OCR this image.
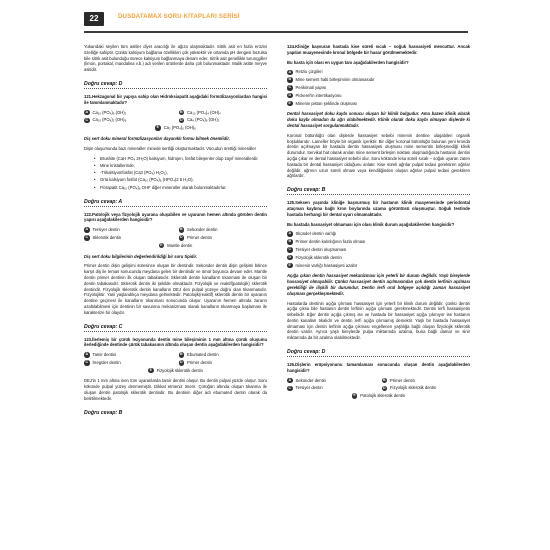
22	DUSDATAMAX SORU KİTAPLARI SERİSİ

Yukarıdaki seyilen tüm asitler diyet aracılığı ile ağıza ulaşmaktadır. Sitrik asit en fazla erozivi özelliğe sahiptir. Çünkü kalsiyum bağlama özellikleri çok yüksektir ve ortamda pH dengesi bozulsa bile sitrik asit bulunduğu sürece kalsiyum bağlanmaya devam eder. Sitrik asit genellikle turunçgiller (limon, portakal, mandalina v.b.) adı verilen ürünlerde daha çok bulunmaktadır. Malik asitte meyve asitidir.

Doğru cevap: D

121.Hekzagonal bir yapıya sahip olan Hidroksiapatit aşağıdaki formülizasyonlardan hangisi ile tanımlanmaktadır?

A	Ca₁₀ (PO₄)₆ (OH)₂	B	Ca₁₀ (PO₄)₄ (OH)₄
C	Ca₁₀ (PO₄)₂ (OH)₆	D	Ca₆ (PO₄)₈ (OH)₂
E	Ca₂ (PO₄)₆ (OH)₆

Diş sert doku mineral formülizasyonları dayanıklı formu bilmek önemlidir.

Dişin oluşumunda bazı mineraller minede sertliği oluşturmaktadır. Vücudun ürettiği mineraller

• Brushite (CaH PO₄ 2H₂O) kalsiyum, hidrojen, fosfat bileşenler olup zayıf minerallerdir.
• Mine kristallerinde;
• -Trikalsiyumfosfat (Ca3 (PO₄) H₂O₂),
• Orta kalsiyum fosfat (Ca₁₀ (PO₄)₆ (HPO₄)2 5 H₂O),
• Florapatit Ca₁₀ (PO₄)₆ OHF diğer mineraller olarak bulunmaktadırlar.
Doğru cevap: A

122.Patolojik veya fizyolojik uyarana oluşabilen ve uyaranın hemen altında görülen dentin yapısı aşağıdakilerden hangisidir?

A	Tersiyer dentin	B	Sekonder dentin
C	Sklerotik dentin	D	Primer dentin
E	Mantle dentin

Diş sert doku bilgilerinin değerlendirildiği bir soru tipidir.

Primer dentin dişin gelişimi süresince oluşan bir dentindir. Sekonder dentin dişin gelişimi bitince karşıt diş ile temas sonucunda meydana gelen bir dentindir ve ömür boyunca devam eder. Mantle dentin primer dentinin ilk oluşan tabakasıdır. Sklerotik dentin kanalların tıkanması ile oluşan bir dentin tabakasıdır. Sklerotik dentin iki şekilde olmaktadır. Fizyolojik ve reaktif(patolojik) sklerotik dentindir. Fizyolojik sklerotik dentin kanalların DEJ den pulpal yüzeye doğru olan tıkanmasıdır. Fizyolojiktir. Yani yaşlandıkça meydana gelmektedir. Patolojik(reaktif) sklerotik dentin bir uyaranın dentine geçmesi ile kanalların tıkanması sonucunda oluşur. Uyaranın hemen altında zararın azaltılabilmesi için dentinin bir savunma mekanizması olarak kanalların tıkanmaya başlaması ile karakterize bir olaydır.

Doğru cevap: C

123.İlerlemiş bir çürük lezyonunda dentin mine bileşiminin 1 mm altına çürük oluşumu ilerlediğinde dentinde çürük tabakasının altında oluşan dentin aşağıdakilerden hangisidir?

A	Tamir dentini	B	Ebumated dentin
C	İrregüler dentin	D	Primer dentin
E	Fizyolojik sklerotik dentin

DEJ'in 1 mm altına inen tüm uyaranlarda tamir dentini oluşur. Bu dentin pulpal yüzde oluşur. Soru kökünde pulpal yüzey denmemiştir. Dikkat etmeniz önerir. Çürüğün altında oluşan tıkanma ile oluşan dentin patolojik sklerotik dentindir. Bu dentinin diğer adı ebumated dentin olarak da belirtilmektedir.

Doğru cevap: B

124.Kliniğe başvuran hastada kise süreli sıcak – soğuk hassasiyeti mevcuttur. Ancak yapılan muayenesinde kronal bölgede bir hasar görülmemektedir.

Bu hasta için olası en uygun tanı aşağıdakilerden hangisidir?

A	Retziu çizgileri
B	Mine sement halti birleşiminin olmamasıdır
C	Perikimati yapısı
D	Pickerel'in intertikasyonu
E	Minenin piston şeklinde oluşması

Dental hassasiyet doku kaybı sonucu oluşan bir klinik bulgudur. Ama bazen klinik olarak doku kaybı olmadan da ağrı olabilmektedir. Klinik olarak doku kaybı olmayan dişlerde ki dental hassasiyet sorgulanmaktadır.

Koronal bütünlüğü olan dişlerde hassasiyet sebebi minenin dentine ulaşabilen organik boşluklarıdır. Lameller böyle bir organik içeriktir. Bir diğer koronal bütünlüğü bulunan yeni kronda dentin açılmayan bir hastada dentin hassasiyeti oluşması mine sementin birleşmediği klinik durumdur. Servikal hat olarak anılan mine sement birleşim noktası oluşmadığında hastanın dentini açığa çıkar ve dental hassasiyet sebebi olur. Soru kökünde kısa süreli sıcak – soğuk uyaran zaten hastada bir dental hassasiyet olduğunu anlatır. Kise süreli ağrılar pulpal tedavi gerektiren ağrılar değildir. ağrının uzun süreli olması veya kendiliğinden oluşan ağrılar pulpal tedavi gerektiren ağrılardır.

Doğru cevap: B

125.Seksen yaşında kliniğe başvurmuş bir hastanın klinik muayenesinde periodontal ataçman kaybına bağlı kron boylarında uzama görüntüsü oluşmuştur. Soğuk testinde hastada herhangi bir dental uyarı olmamaktadır.

Bu hastada hassasiyet olmaması için olası klinik durum aşağıdakilerden hangisidir?

A	Skonder dentin varlığı
B	Primer dentin kalınlığının fazla olması
C	Tersiyer dentin oluşmaması
D	Fizyolojik sklerotik dentin
E	minenin varlığı hassasiyeti azaltır

Açığa çıkan dentin hassasiyet mekanizması için yeterli bir durum değildir. Yaşlı bireylerde hassasiyet olmayabilir. Çünkü hassasiyet dentin açılmasından çok dentin lerfinin açılması gerekliliği ile ilişkili bir durumdur. Dentin lerfi oral bölgeye açıldığı zaman hassasiyet oluşması gerçekleşmektedir.

Hastalarda dentinin açığa çıkması hassasiyet için yeterli bir klinik durum değildir. çünkü dentin açığa çıksa bile hastanın dentin lerfinin açığa çıkması gerekmektedir. Dentin lerfi hassasiyetin sebebidir. Eğer dentin açığa çıkmış ise ve hastada bir hassasiyet açığa çıkmıyor ise hastanın dentin kanalları tıkalıdır ve dentin lerfi açığa çıkmamış demektir. Yaşlı bir hastada hassasiyet olmaması için dentin lerfinin açığa çıkması engellenen yaşlılığa bağlı oluşan fizyolojik sklerotik dentin vardır. Ayrıca yaşlı bireylerde pulpa miktarında azalma, buna bağlı damar ve sinir miktarında da bir azalma olabilmektedir.

Doğru cevap: D

126.Dişlerin erüpsiyonunu tamamlaması sonucunda oluşan dentin aşağıdakilerden hangisidir?

A	Sekonder dentin	B	Primer dentin
C	Tersiyer dentin	D	Fizyolojik sklerotik dentin
E	Patolojik sklerotik dentin
